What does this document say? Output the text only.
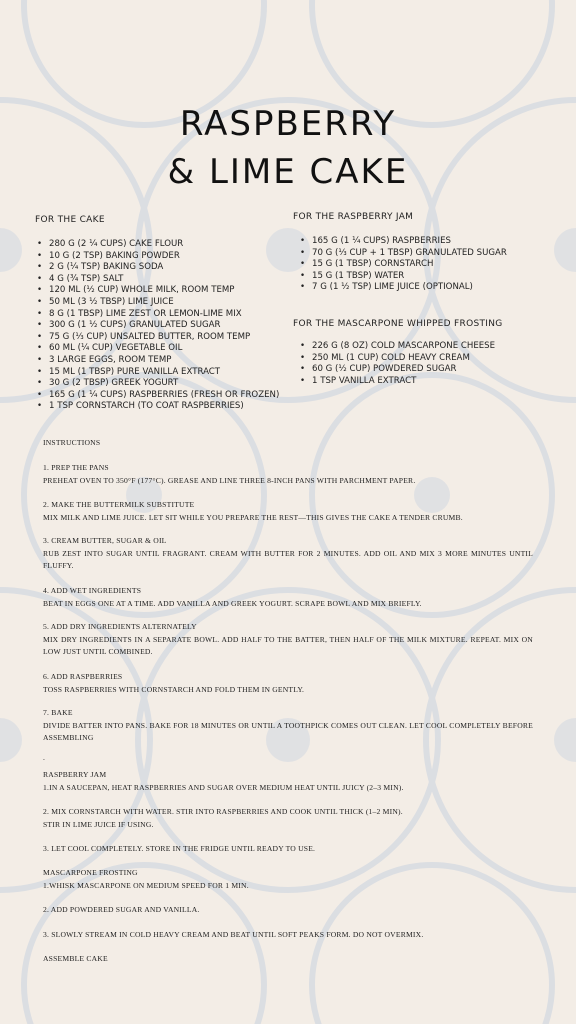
RASPBERRY
& LIME CAKE
FOR THE CAKE
• 280 G (2 ¼ CUPS) CAKE FLOUR
• 10 G (2 TSP) BAKING POWDER
• 2 G (¼ TSP) BAKING SODA
• 4 G (¾ TSP) SALT
• 120 ML (½ CUP) WHOLE MILK, ROOM TEMP
• 50 ML (3 ½ TBSP) LIME JUICE
• 8 G (1 TBSP) LIME ZEST OR LEMON-LIME MIX
• 300 G (1 ½ CUPS) GRANULATED SUGAR
• 75 G (⅓ CUP) UNSALTED BUTTER, ROOM TEMP
• 60 ML (¼ CUP) VEGETABLE OIL
• 3 LARGE EGGS, ROOM TEMP
• 15 ML (1 TBSP) PURE VANILLA EXTRACT
• 30 G (2 TBSP) GREEK YOGURT
• 165 G (1 ¼ CUPS) RASPBERRIES (FRESH OR FROZEN)
• 1 TSP CORNSTARCH (TO COAT RASPBERRIES)
FOR THE RASPBERRY JAM
• 165 G (1 ¼ CUPS) RASPBERRIES
• 70 G (⅓ CUP + 1 TBSP) GRANULATED SUGAR
• 15 G (1 TBSP) CORNSTARCH
• 15 G (1 TBSP) WATER
• 7 G (1 ½ TSP) LIME JUICE (OPTIONAL)
FOR THE MASCARPONE WHIPPED FROSTING
• 226 G (8 OZ) COLD MASCARPONE CHEESE
• 250 ML (1 CUP) COLD HEAVY CREAM
• 60 G (½ CUP) POWDERED SUGAR
• 1 TSP VANILLA EXTRACT
INSTRUCTIONS

1. PREP THE PANS

PREHEAT OVEN TO 350°F (177°C). GREASE AND LINE THREE 8-INCH PANS WITH PARCHMENT PAPER.

2. MAKE THE BUTTERMILK SUBSTITUTE

MIX MILK AND LIME JUICE. LET SIT WHILE YOU PREPARE THE REST—THIS GIVES THE CAKE A TENDER CRUMB.

3. CREAM BUTTER, SUGAR & OIL

RUB ZEST INTO SUGAR UNTIL FRAGRANT. CREAM WITH BUTTER FOR 2 MINUTES. ADD OIL AND MIX 3 MORE MINUTES UNTIL FLUFFY.

4. ADD WET INGREDIENTS

BEAT IN EGGS ONE AT A TIME. ADD VANILLA AND GREEK YOGURT. SCRAPE BOWL AND MIX BRIEFLY.

5. ADD DRY INGREDIENTS ALTERNATELY

MIX DRY INGREDIENTS IN A SEPARATE BOWL. ADD HALF TO THE BATTER, THEN HALF OF THE MILK MIXTURE. REPEAT. MIX ON LOW JUST UNTIL COMBINED.

6. ADD RASPBERRIES

TOSS RASPBERRIES WITH CORNSTARCH AND FOLD THEM IN GENTLY.

7. BAKE

DIVIDE BATTER INTO PANS. BAKE FOR 18 MINUTES OR UNTIL A TOOTHPICK COMES OUT CLEAN. LET COOL COMPLETELY BEFORE ASSEMBLING

.

RASPBERRY JAM

1.IN A SAUCEPAN, HEAT RASPBERRIES AND SUGAR OVER MEDIUM HEAT UNTIL JUICY (2–3 MIN).

2. MIX CORNSTARCH WITH WATER. STIR INTO RASPBERRIES AND COOK UNTIL THICK (1–2 MIN).

STIR IN LIME JUICE IF USING.

3. LET COOL COMPLETELY. STORE IN THE FRIDGE UNTIL READY TO USE.

MASCARPONE FROSTING

1.WHISK MASCARPONE ON MEDIUM SPEED FOR 1 MIN.

2. ADD POWDERED SUGAR AND VANILLA.
3. SLOWLY STREAM IN COLD HEAVY CREAM AND BEAT UNTIL SOFT PEAKS FORM. DO NOT OVERMIX.
ASSEMBLE CAKE
